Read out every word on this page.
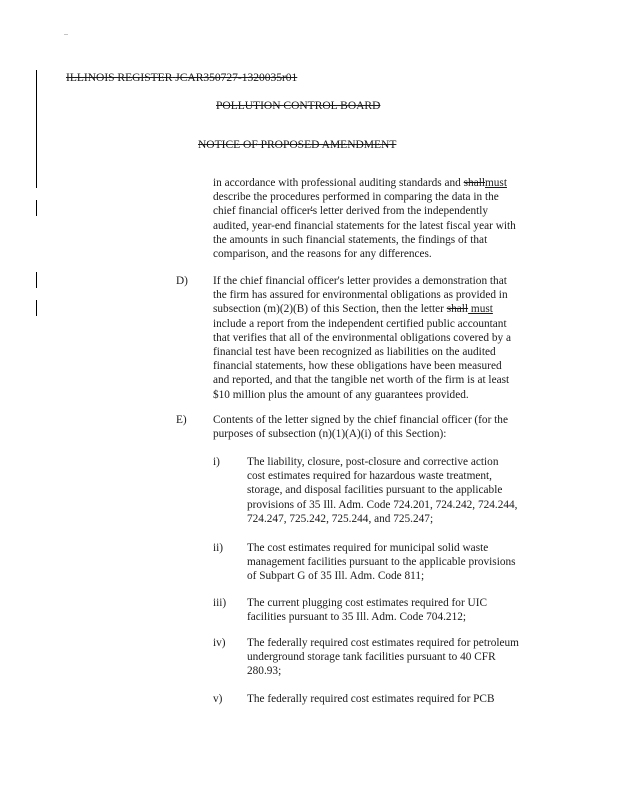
..
ILLINOIS REGISTER JCAR350727-1320035r01
POLLUTION CONTROL BOARD
NOTICE OF PROPOSED AMENDMENT
in accordance with professional auditing standards and shallmust
describe the procedures performed in comparing the data in the
chief financial officer's letter derived from the independently
audited, year-end financial statements for the latest fiscal year with
the amounts in such financial statements, the findings of that
comparison, and the reasons for any differences.
D) If the chief financial officer's letter provides a demonstration that
the firm has assured for environmental obligations as provided in
subsection (m)(2)(B) of this Section, then the letter shall must
include a report from the independent certified public accountant
that verifies that all of the environmental obligations covered by a
financial test have been recognized as liabilities on the audited
financial statements, how these obligations have been measured
and reported, and that the tangible net worth of the firm is at least
$10 million plus the amount of any guarantees provided.
E) Contents of the letter signed by the chief financial officer (for the
purposes of subsection (n)(1)(A)(i) of this Section):
i) The liability, closure, post-closure and corrective action
cost estimates required for hazardous waste treatment,
storage, and disposal facilities pursuant to the applicable
provisions of 35 Ill. Adm. Code 724.201, 724.242, 724.244,
724.247, 725.242, 725.244, and 725.247;
ii) The cost estimates required for municipal solid waste
management facilities pursuant to the applicable provisions
of Subpart G of 35 Ill. Adm. Code 811;
iii) The current plugging cost estimates required for UIC
facilities pursuant to 35 Ill. Adm. Code 704.212;
iv) The federally required cost estimates required for petroleum
underground storage tank facilities pursuant to 40 CFR
280.93;
v) The federally required cost estimates required for PCB
